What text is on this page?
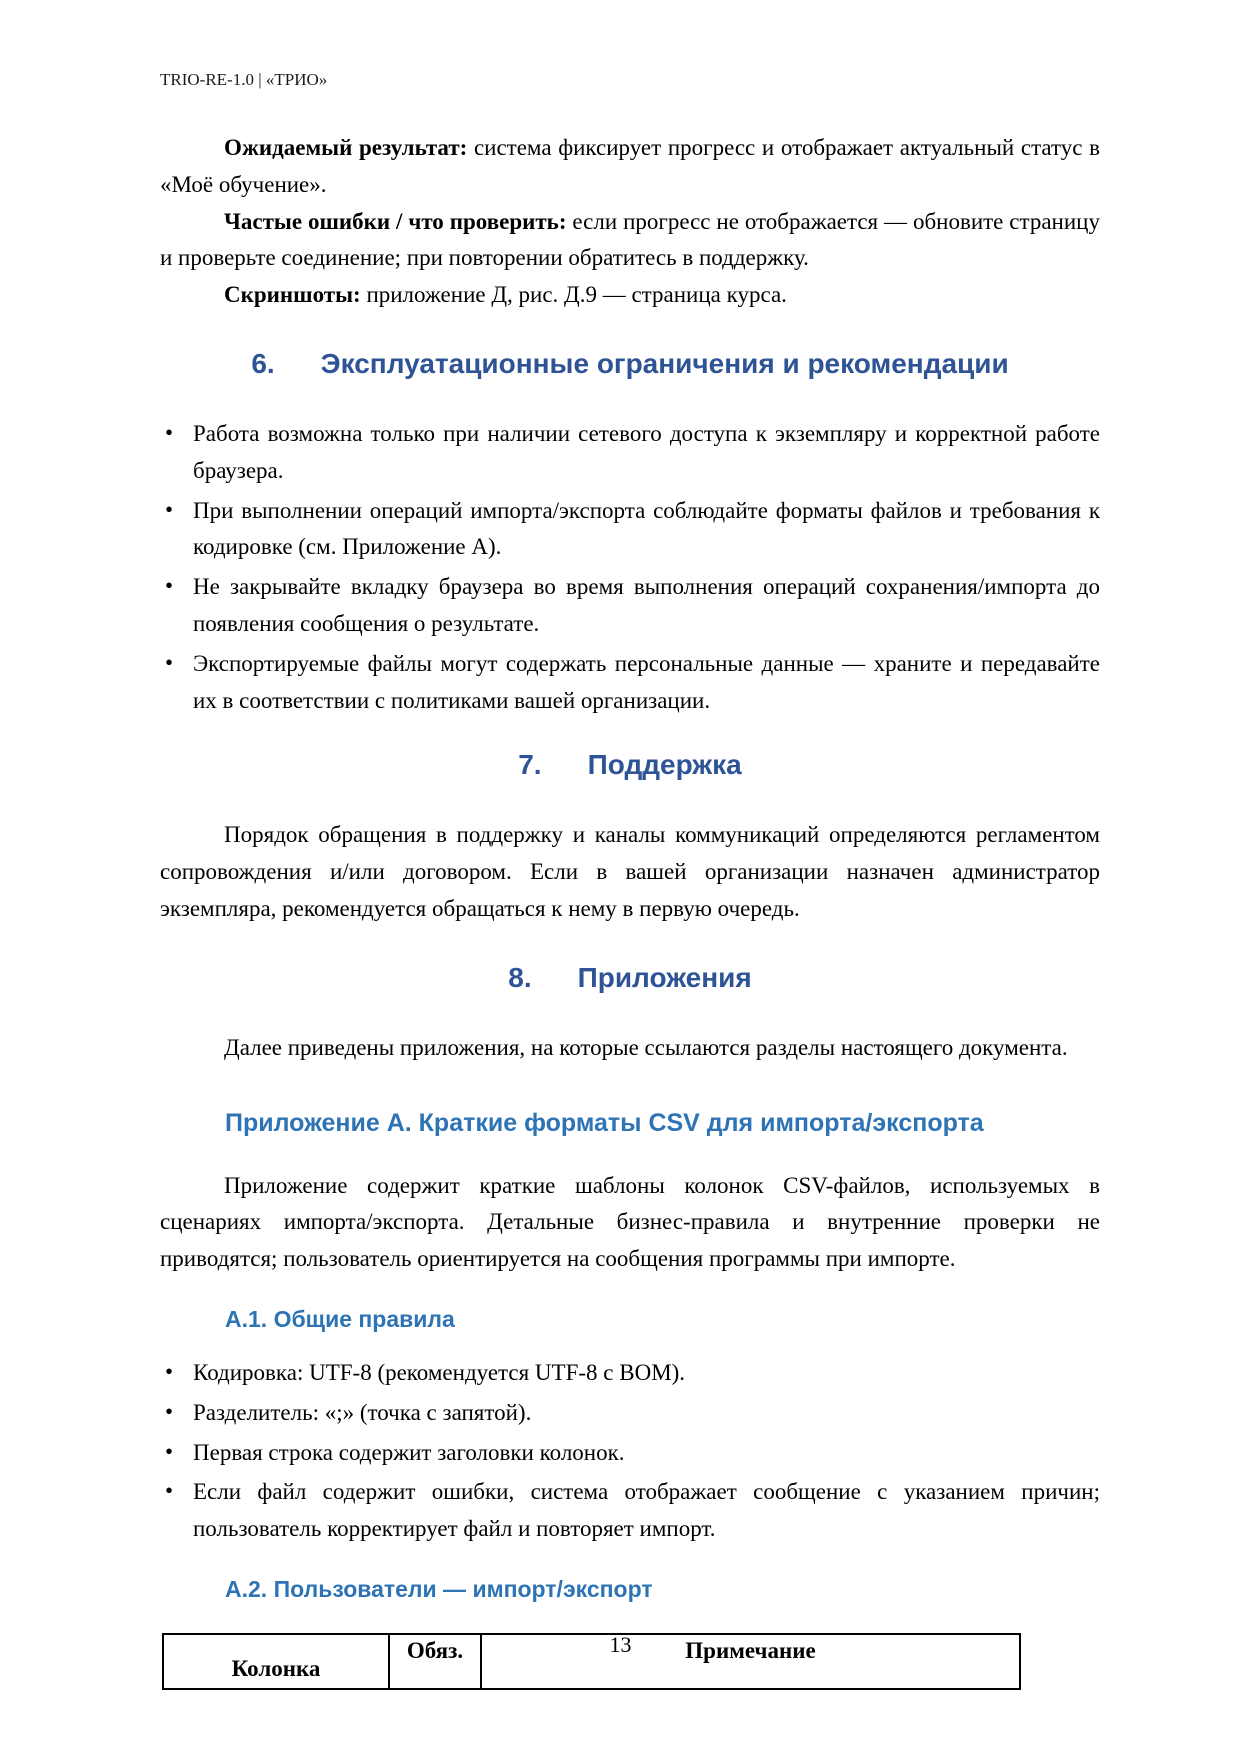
TRIO-RE-1.0 | «ТРИО»

Ожидаемый результат: система фиксирует прогресс и отображает актуальный статус в «Моё обучение».

Частые ошибки / что проверить: если прогресс не отображается — обновите страницу и проверьте соединение; при повторении обратитесь в поддержку.

Скриншоты: приложение Д, рис. Д.9 — страница курса.

6. Эксплуатационные ограничения и рекомендации
• Работа возможна только при наличии сетевого доступа к экземпляру и корректной работе браузера.
• При выполнении операций импорта/экспорта соблюдайте форматы файлов и требования к кодировке (см. Приложение А).
• Не закрывайте вкладку браузера во время выполнения операций сохранения/импорта до появления сообщения о результате.
• Экспортируемые файлы могут содержать персональные данные — храните и передавайте их в соответствии с политиками вашей организации.
7. Поддержка

Порядок обращения в поддержку и каналы коммуникаций определяются регламентом сопровождения и/или договором. Если в вашей организации назначен администратор экземпляра, рекомендуется обращаться к нему в первую очередь.

8. Приложения

Далее приведены приложения, на которые ссылаются разделы настоящего документа.

Приложение А. Краткие форматы CSV для импорта/экспорта

Приложение содержит краткие шаблоны колонок CSV-файлов, используемых в сценариях импорта/экспорта. Детальные бизнес-правила и внутренние проверки не приводятся; пользователь ориентируется на сообщения программы при импорте.

А.1. Общие правила
• Кодировка: UTF-8 (рекомендуется UTF-8 с BOM).
• Разделитель: «;» (точка с запятой).
• Первая строка содержит заголовки колонок.
• Если файл содержит ошибки, система отображает сообщение с указанием причин; пользователь корректирует файл и повторяет импорт.
А.2. Пользователи — импорт/экспорт
Колонка	Обяз.	Примечание
13
